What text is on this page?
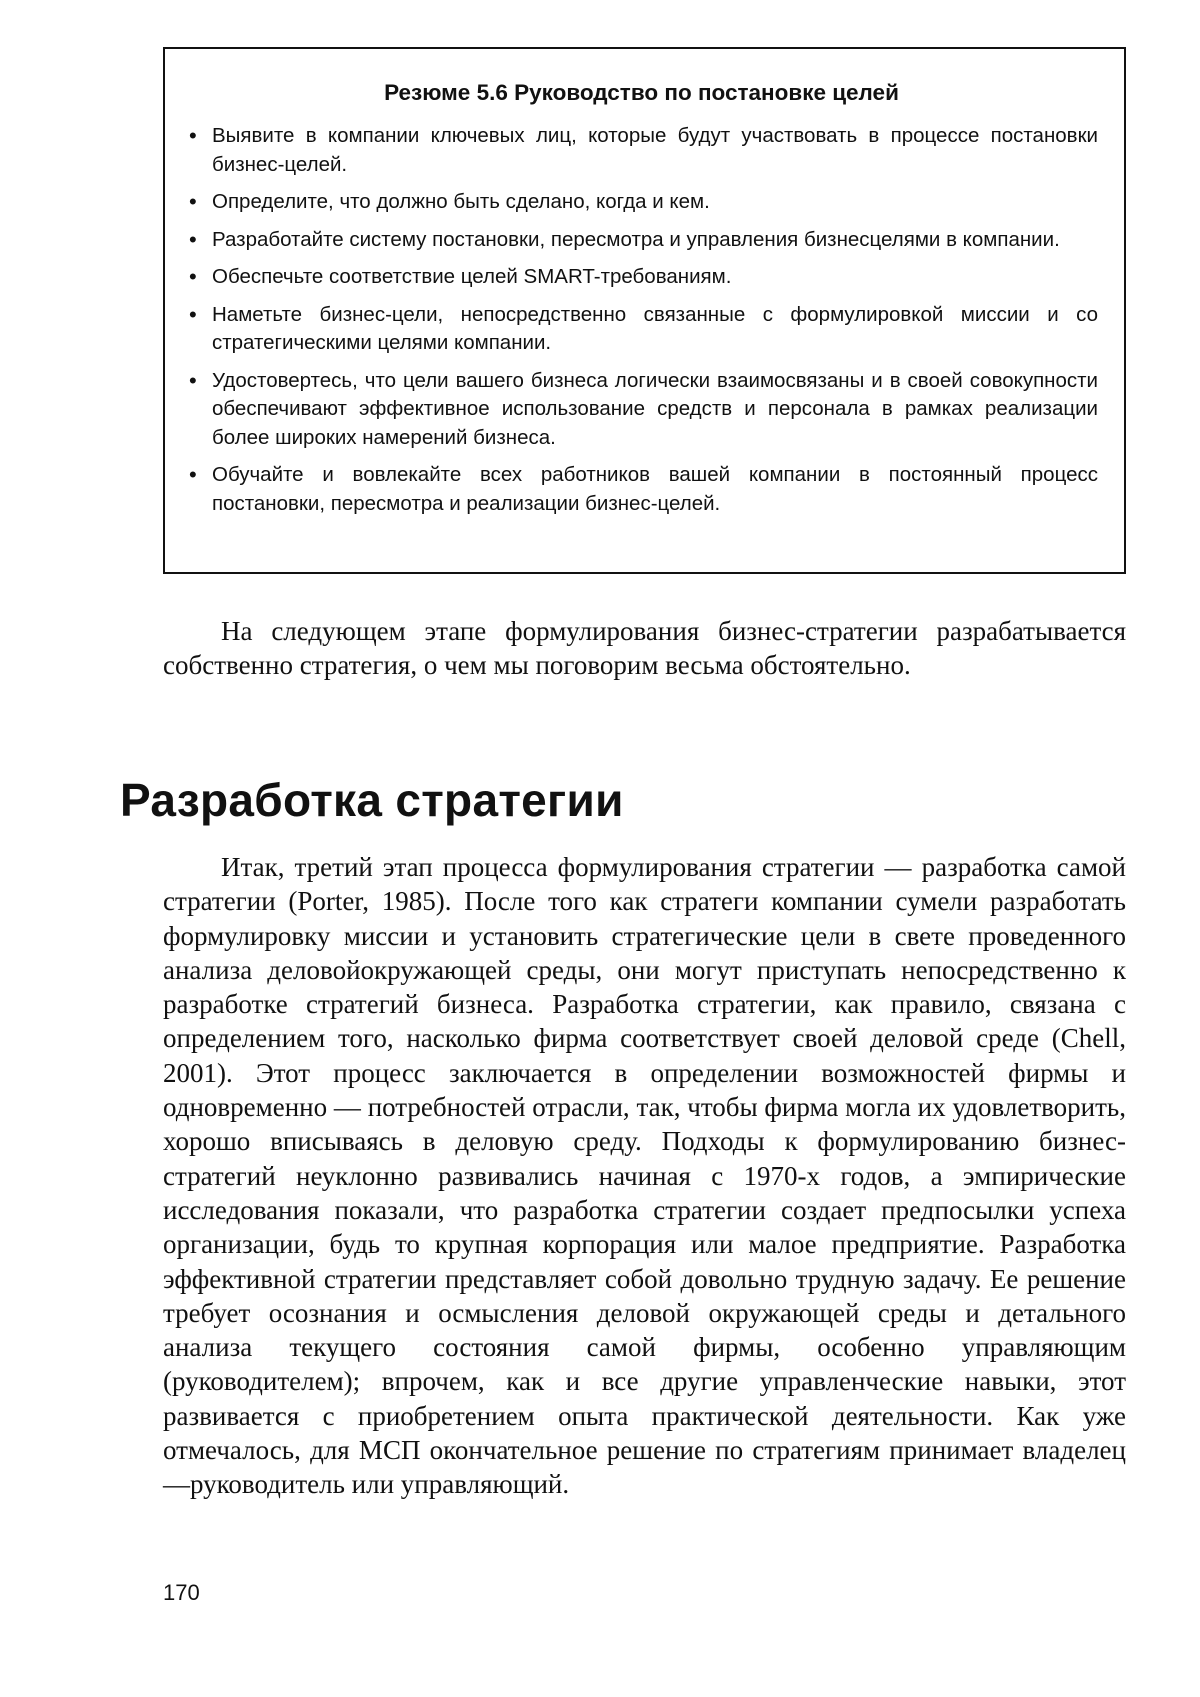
Резюме 5.6 Руководство по постановке целей
• Выявите в компании ключевых лиц, которые будут участвовать в процессе постановки бизнес-целей.
• Определите, что должно быть сделано, когда и кем.
• Разработайте систему постановки, пересмотра и управления бизнесцелями в компании.
• Обеспечьте соответствие целей SMART-требованиям.
• Наметьте бизнес-цели, непосредственно связанные с формулировкой миссии и со стратегическими целями компании.
• Удостовертесь, что цели вашего бизнеса логически взаимосвязаны и в своей совокупности обеспечивают эффективное использование средств и персонала в рамках реализации более широких намерений бизнеса.
• Обучайте и вовлекайте всех работников вашей компании в постоянный процесс постановки, пересмотра и реализации бизнес-целей.

На следующем этапе формулирования бизнес-стратегии разрабатывается собственно стратегия, о чем мы поговорим весьма обстоятельно.

Разработка стратегии

Итак, третий этап процесса формулирования стратегии — разработка самой стратегии (Porter, 1985). После того как стратеги компании сумели разработать формулировку миссии и установить стратегические цели в свете проведенного анализа деловойокружающей среды, они могут приступать непосредственно к разработке стратегий бизнеса. Разработка стратегии, как правило, связана с определением того, насколько фирма соответствует своей деловой среде (Chell, 2001). Этот процесс заключается в определении возможностей фирмы и одновременно — потребностей отрасли, так, чтобы фирма могла их удовлетворить, хорошо вписываясь в деловую среду. Подходы к формулированию бизнес-стратегий неуклонно развивались начиная с 1970-х годов, а эмпирические исследования показали, что разработка стратегии создает предпосылки успеха организации, будь то крупная корпорация или малое предприятие. Разработка эффективной стратегии представляет собой довольно трудную задачу. Ее решение требует осознания и осмысления деловой окружающей среды и детального анализа текущего состояния самой фирмы, особенно управляющим (руководителем); впрочем, как и все другие управленческие навыки, этот развивается с приобретением опыта практической деятельности. Как уже отмечалось, для МСП окончательное решение по стратегиям принимает владелец—руководитель или управляющий.

170
